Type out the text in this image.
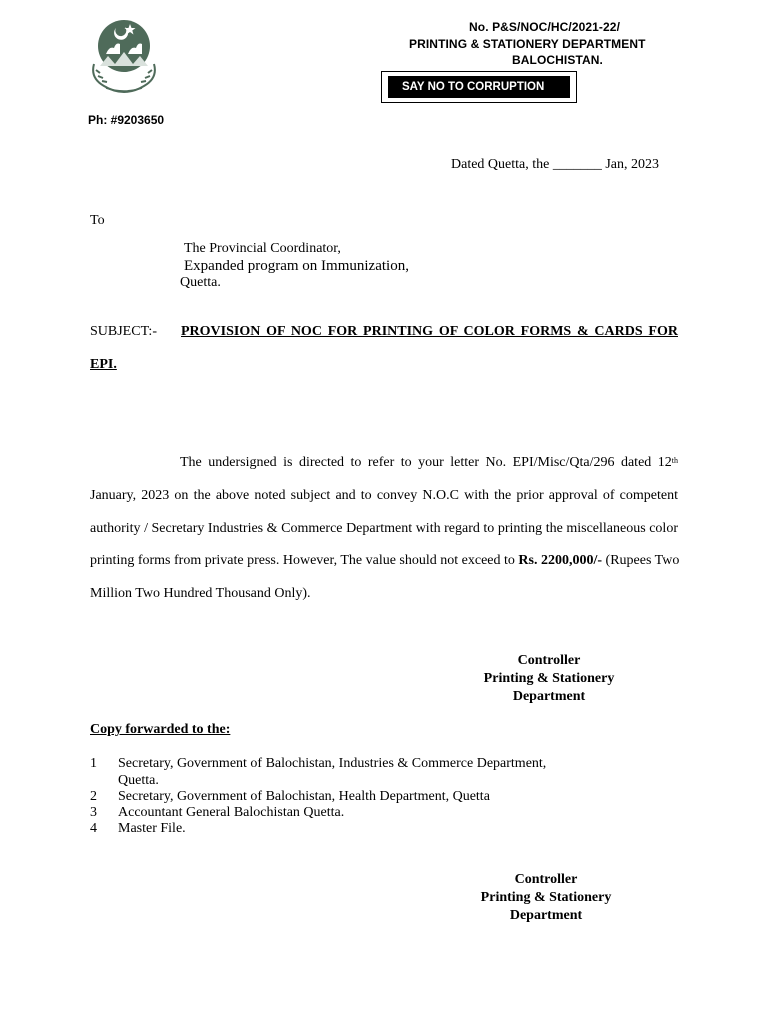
No. P&S/NOC/HC/2021-22/
PRINTING & STATIONERY DEPARTMENT
BALOCHISTAN.
SAY NO TO CORRUPTION
Ph: #9203650
Dated Quetta, the _______ Jan, 2023
To
The Provincial Coordinator,
Expanded program on Immunization,
Quetta.
SUBJECT:- PROVISION OF NOC FOR PRINTING OF COLOR FORMS & CARDS FOR
EPI.
The undersigned is directed to refer to your letter No. EPI/Misc/Qta/296 dated 12th
January, 2023 on the above noted subject and to convey N.O.C with the prior approval of competent
authority / Secretary Industries & Commerce Department with regard to printing the miscellaneous color
printing forms from private press. However, The value should not exceed to Rs. 2200,000/- (Rupees Two
Million Two Hundred Thousand Only).
Controller
Printing & Stationery
Department
Copy forwarded to the:
1 Secretary, Government of Balochistan, Industries & Commerce Department,
Quetta.
2 Secretary, Government of Balochistan, Health Department, Quetta
3 Accountant General Balochistan Quetta.
4 Master File.
Controller
Printing & Stationery
Department
